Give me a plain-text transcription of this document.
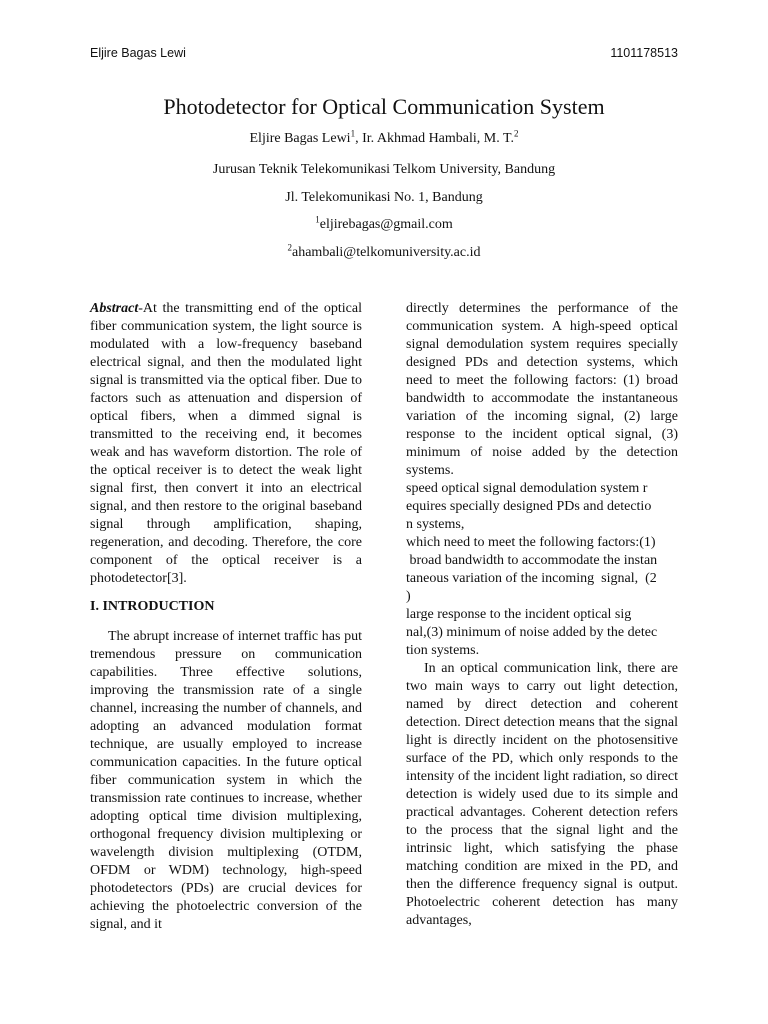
Eljire Bagas Lewi	1101178513
Photodetector for Optical Communication System
Eljire Bagas Lewi$^1$, Ir. Akhmad Hambali, M. T.$^2$
Jurusan Teknik Telekomunikasi Telkom University, Bandung
Jl. Telekomunikasi No. 1, Bandung
$^1$eljirebagas@gmail.com
$^2$ahambali@telkomuniversity.ac.id

Abstract-At the transmitting end of the optical fiber communication system, the light source is modulated with a low-frequency baseband electrical signal, and then the modulated light signal is transmitted via the optical fiber. Due to factors such as attenuation and dispersion of optical fibers, when a dimmed signal is transmitted to the receiving end, it becomes weak and has waveform distortion. The role of the optical receiver is to detect the weak light signal first, then convert it into an electrical signal, and then restore to the original baseband signal through amplification, shaping, regeneration, and decoding. Therefore, the core component of the optical receiver is a photodetector[3].

I. INTRODUCTION

The abrupt increase of internet traffic has put tremendous pressure on communication capabilities. Three effective solutions, improving the transmission rate of a single channel, increasing the number of channels, and adopting an advanced modulation format technique, are usually employed to increase communication capacities. In the future optical fiber communication system in which the transmission rate continues to increase, whether adopting optical time division multiplexing, orthogonal frequency division multiplexing or wavelength division multiplexing (OTDM, OFDM or WDM) technology, high-speed photodetectors (PDs) are crucial devices for achieving the photoelectric conversion of the signal, and it

directly determines the performance of the communication system. A high-speed optical signal demodulation system requires specially designed PDs and detection systems, which need to meet the following factors: (1) broad bandwidth to accommodate the instantaneous variation of the incoming signal, (2) large response to the incident optical signal, (3) minimum of noise added by the detection systems.

speed optical signal demodulation system r
equires specially designed PDs and detectio
n systems,
which need to meet the following factors:(1)
broad bandwidth to accommodate the instan
taneous variation of the incoming  signal,  (2
)
large response to the incident optical sig
nal,(3) minimum of noise added by the detec
tion systems.

In an optical communication link, there are two main ways to carry out light detection, named by direct detection and coherent detection. Direct detection means that the signal light is directly incident on the photosensitive surface of the PD, which only responds to the intensity of the incident light radiation, so direct detection is widely used due to its simple and practical advantages. Coherent detection refers to the process that the signal light and the intrinsic light, which satisfying the phase matching condition are mixed in the PD, and then the difference frequency signal is output. Photoelectric coherent detection has many advantages,
